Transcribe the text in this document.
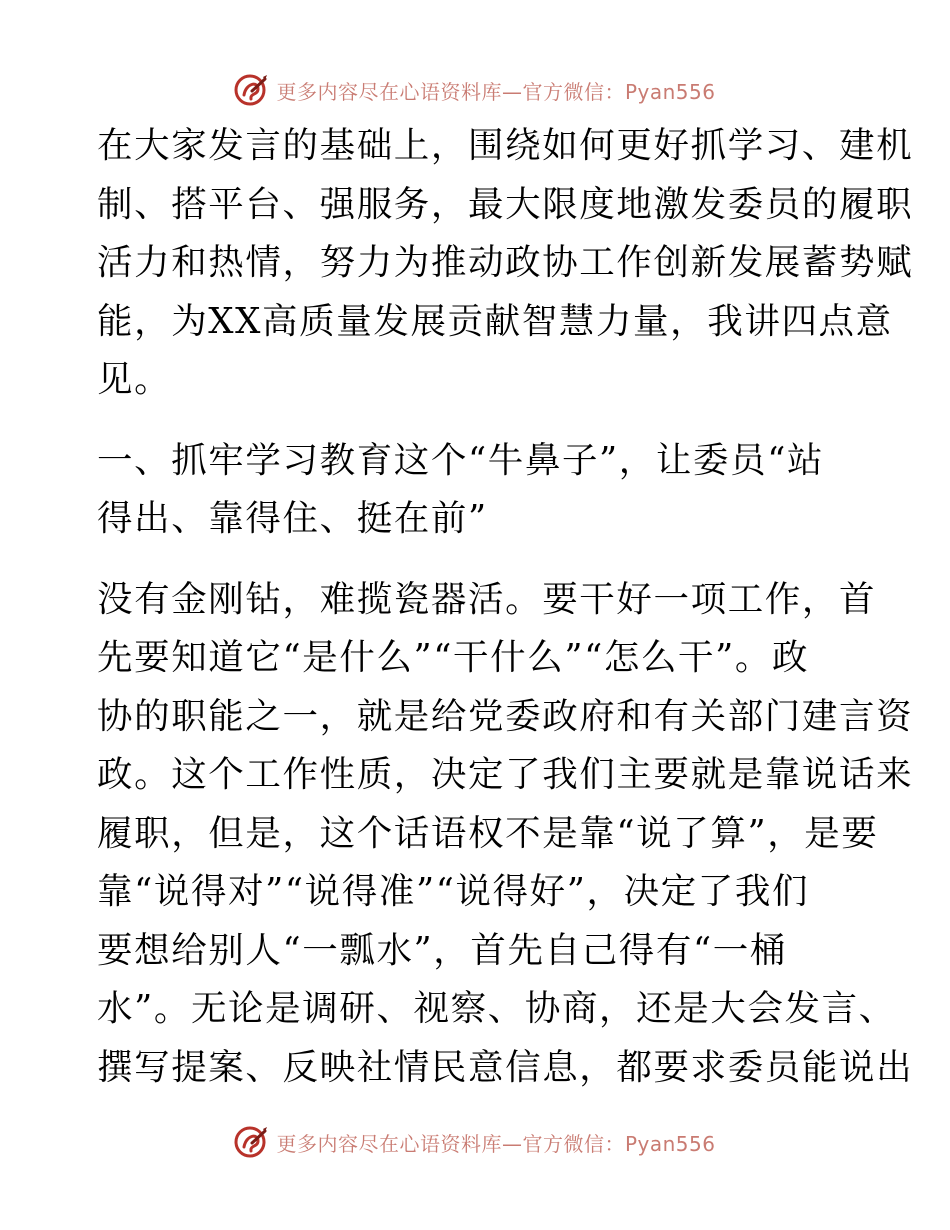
更多内容尽在心语资料库—官方微信：Pyan556
在大家发言的基础上，围绕如何更好抓学习、建机
制、搭平台、强服务，最大限度地激发委员的履职
活力和热情，努力为推动政协工作创新发展蓄势赋
能，为XX高质量发展贡献智慧力量，我讲四点意
见。
一、抓牢学习教育这个“牛鼻子”，让委员“站
得出、靠得住、挺在前”
没有金刚钻，难揽瓷器活。要干好一项工作，首
先要知道它“是什么”“干什么”“怎么干”。政
协的职能之一，就是给党委政府和有关部门建言资
政。这个工作性质，决定了我们主要就是靠说话来
履职，但是，这个话语权不是靠“说了算”，是要
靠“说得对”“说得准”“说得好”，决定了我们
要想给别人“一瓢水”，首先自己得有“一桶
水”。无论是调研、视察、协商，还是大会发言、
撰写提案、反映社情民意信息，都要求委员能说出
更多内容尽在心语资料库—官方微信：Pyan556
